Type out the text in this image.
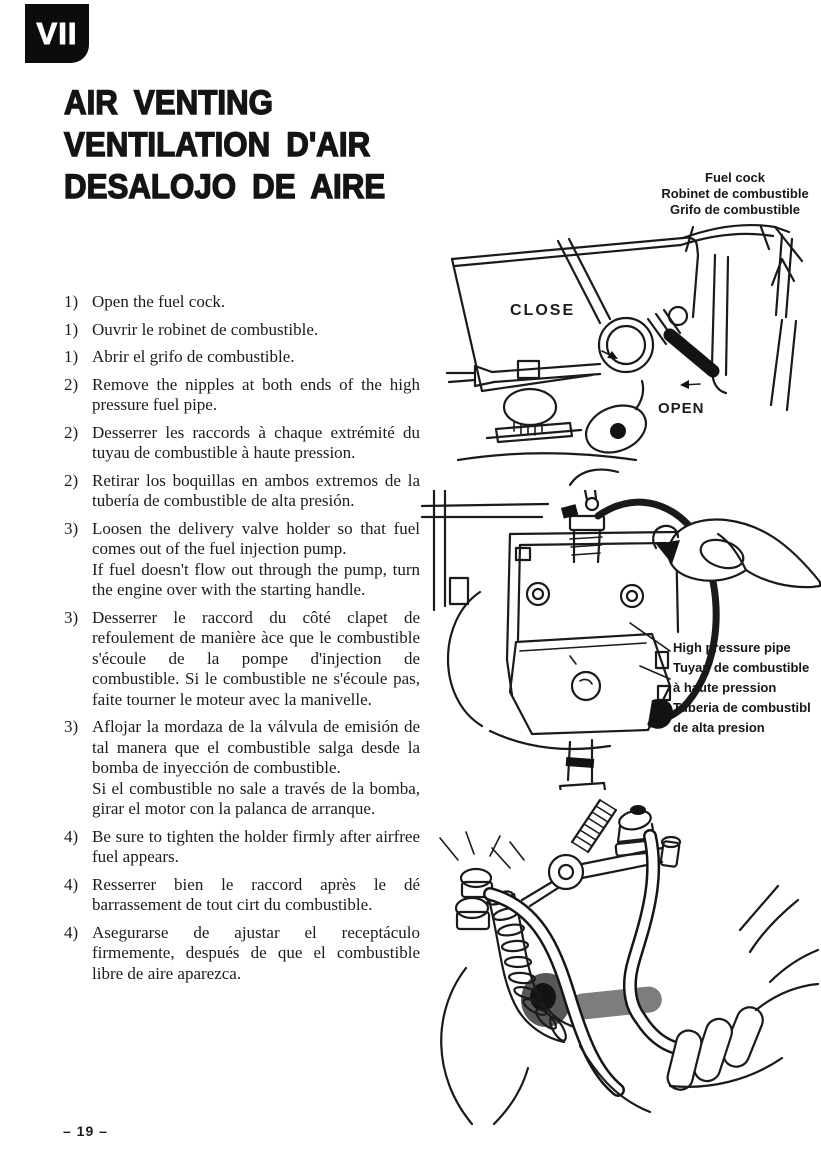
VII
AIR VENTING
VENTILATION D'AIR
DESALOJO DE AIRE
1) Open the fuel cock.

1) Ouvrir le robinet de combustible.

1) Abrir el grifo de combustible.

2) Remove the nipples at both ends of the high pressure fuel pipe.

2) Desserrer les raccords à chaque extrémité du tuyau de combustible à haute pression.

2) Retirar los boquillas en ambos extremos de la tubería de combustible de alta presión.

3) Loosen the delivery valve holder so that fuel comes out of the fuel injection pump.

If fuel doesn't flow out through the pump, turn the engine over with the starting handle.

3) Desserrer le raccord du côté clapet de refoulement de manière àce que le combustible s'écoule de la pompe d'injection de combustible. Si le combustible ne s'écoule pas, faite tourner le moteur avec la manivelle.

3) Aflojar la mordaza de la válvula de emisión de tal manera que el combustible salga desde la bomba de inyección de combustible.

Si el combustible no sale a través de la bomba, girar el motor con la palanca de arranque.

4) Be sure to tighten the holder firmly after airfree fuel appears.

4) Resserrer bien le raccord après le dé barrassement de tout cirt du combustible.

4) Asegurarse de ajustar el receptáculo firmemente, después de que el combustible libre de aire aparezca.

Fuel cock
Robinet de combustible
Grifo de combustible
CLOSE
OPEN
High pressure pipe
Tuyau de combustible
à haute pression
Tuberia de combustibl
de alta presion
– 19 –
